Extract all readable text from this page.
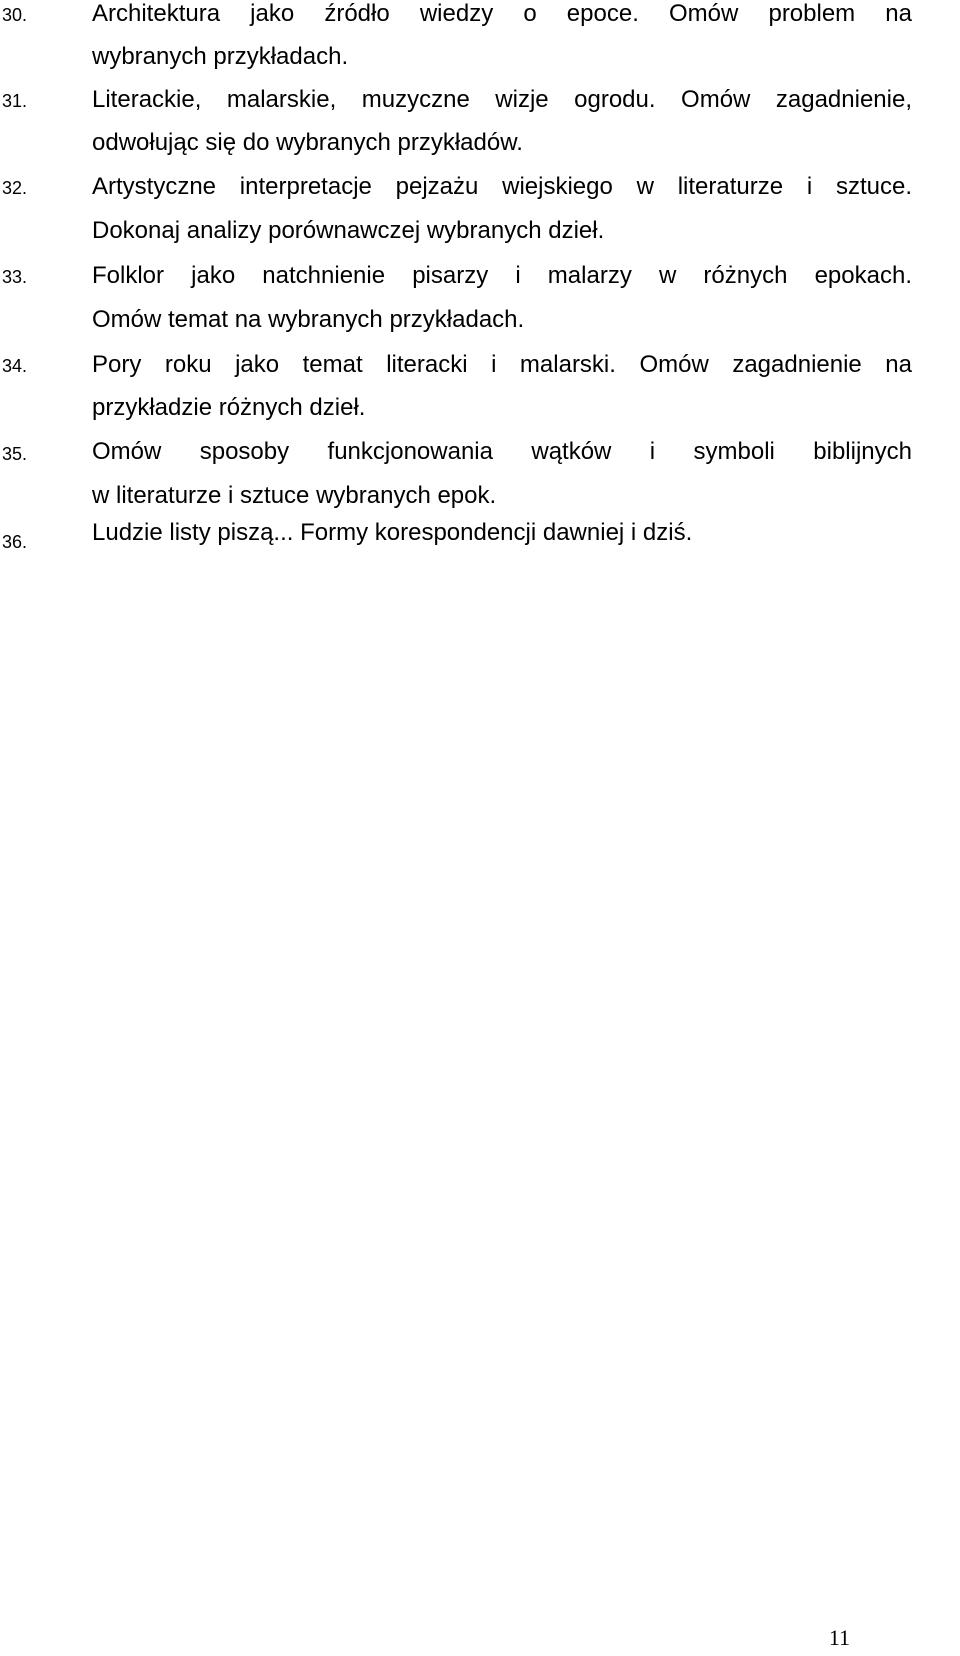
30.	Architektura jako źródło wiedzy o epoce. Omów problem na
wybranych przykładach.
31.	Literackie, malarskie, muzyczne wizje ogrodu. Omów zagadnienie,
odwołując się do wybranych przykładów.
32.	Artystyczne interpretacje pejzażu wiejskiego w literaturze i sztuce.
Dokonaj analizy porównawczej wybranych dzieł.
33.	Folklor jako natchnienie pisarzy i malarzy w różnych epokach.
Omów temat na wybranych przykładach.
34.	Pory roku jako temat literacki i malarski. Omów zagadnienie na
przykładzie różnych dzieł.
35.	Omów sposoby funkcjonowania wątków i symboli biblijnych
w literaturze i sztuce wybranych epok.
36.	Ludzie listy piszą... Formy korespondencji dawniej i dziś.
11
